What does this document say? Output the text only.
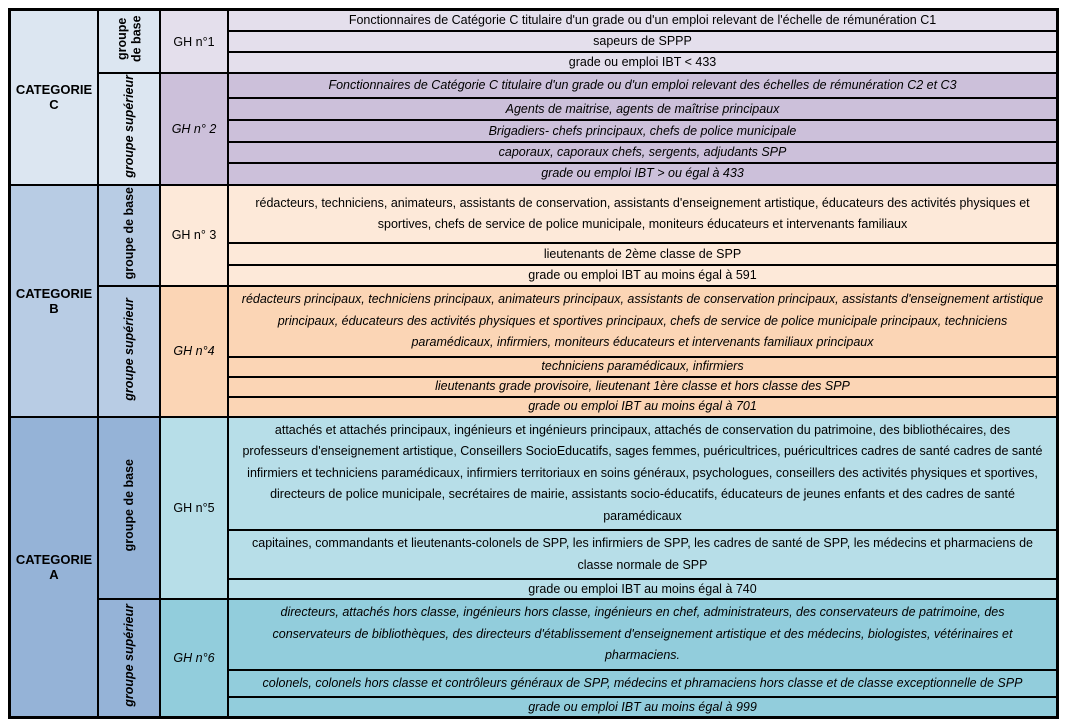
CATEGORIE C	groupe de base	GH n°1	Fonctionnaires de Catégorie C titulaire d'un grade ou d'un emploi relevant de l'échelle de rémunération C1
			sapeurs de SPPP
			grade ou emploi IBT < 433
	groupe supérieur	GH n° 2	Fonctionnaires de Catégorie C titulaire d'un grade ou d'un emploi relevant des échelles de rémunération C2 et C3
			Agents de maitrise, agents de maîtrise principaux
			Brigadiers- chefs principaux, chefs de police municipale
			caporaux, caporaux chefs, sergents, adjudants SPP
			grade ou emploi IBT > ou égal à 433
CATEGORIE B	groupe de base	GH n° 3	rédacteurs, techniciens, animateurs, assistants de conservation, assistants d'enseignement artistique, éducateurs des activités physiques et sportives, chefs de service de police municipale, moniteurs éducateurs et intervenants familiaux
			lieutenants de 2ème classe de SPP
			grade ou emploi IBT au moins égal à 591
	groupe supérieur	GH n°4	rédacteurs principaux, techniciens principaux, animateurs principaux, assistants de conservation principaux, assistants d'enseignement artistique principaux, éducateurs des activités physiques et sportives principaux, chefs de service de police municipale principaux, techniciens paramédicaux, infirmiers, moniteurs éducateurs et intervenants familiaux principaux
			techniciens paramédicaux, infirmiers
			lieutenants grade provisoire, lieutenant 1ère classe et hors classe des SPP
			grade ou emploi IBT au moins égal à 701
CATEGORIE A	groupe de base	GH n°5	attachés et attachés principaux, ingénieurs et ingénieurs principaux, attachés de conservation du patrimoine, des bibliothécaires, des professeurs d'enseignement artistique, Conseillers SocioEducatifs, sages femmes, puéricultrices, puéricultrices cadres de santé cadres de santé infirmiers et techniciens paramédicaux, infirmiers territoriaux en soins généraux, psychologues, conseillers des activités physiques et sportives, directeurs de police municipale, secrétaires de mairie, assistants socio-éducatifs, éducateurs de jeunes enfants et des cadres de santé paramédicaux
			capitaines, commandants et lieutenants-colonels de SPP, les infirmiers de SPP, les cadres de santé de SPP, les médecins et pharmaciens de classe normale de SPP
			grade ou emploi IBT au moins égal à 740
	groupe supérieur	GH n°6	directeurs, attachés hors classe, ingénieurs hors classe, ingénieurs en chef, administrateurs, des conservateurs de patrimoine, des conservateurs de bibliothèques, des directeurs d'établissement d'enseignement artistique et des médecins, biologistes, vétérinaires et pharmaciens.
			colonels, colonels hors classe et contrôleurs généraux de SPP, médecins et phramaciens hors classe et de classe exceptionnelle de SPP
			grade ou emploi IBT au moins égal à 999
